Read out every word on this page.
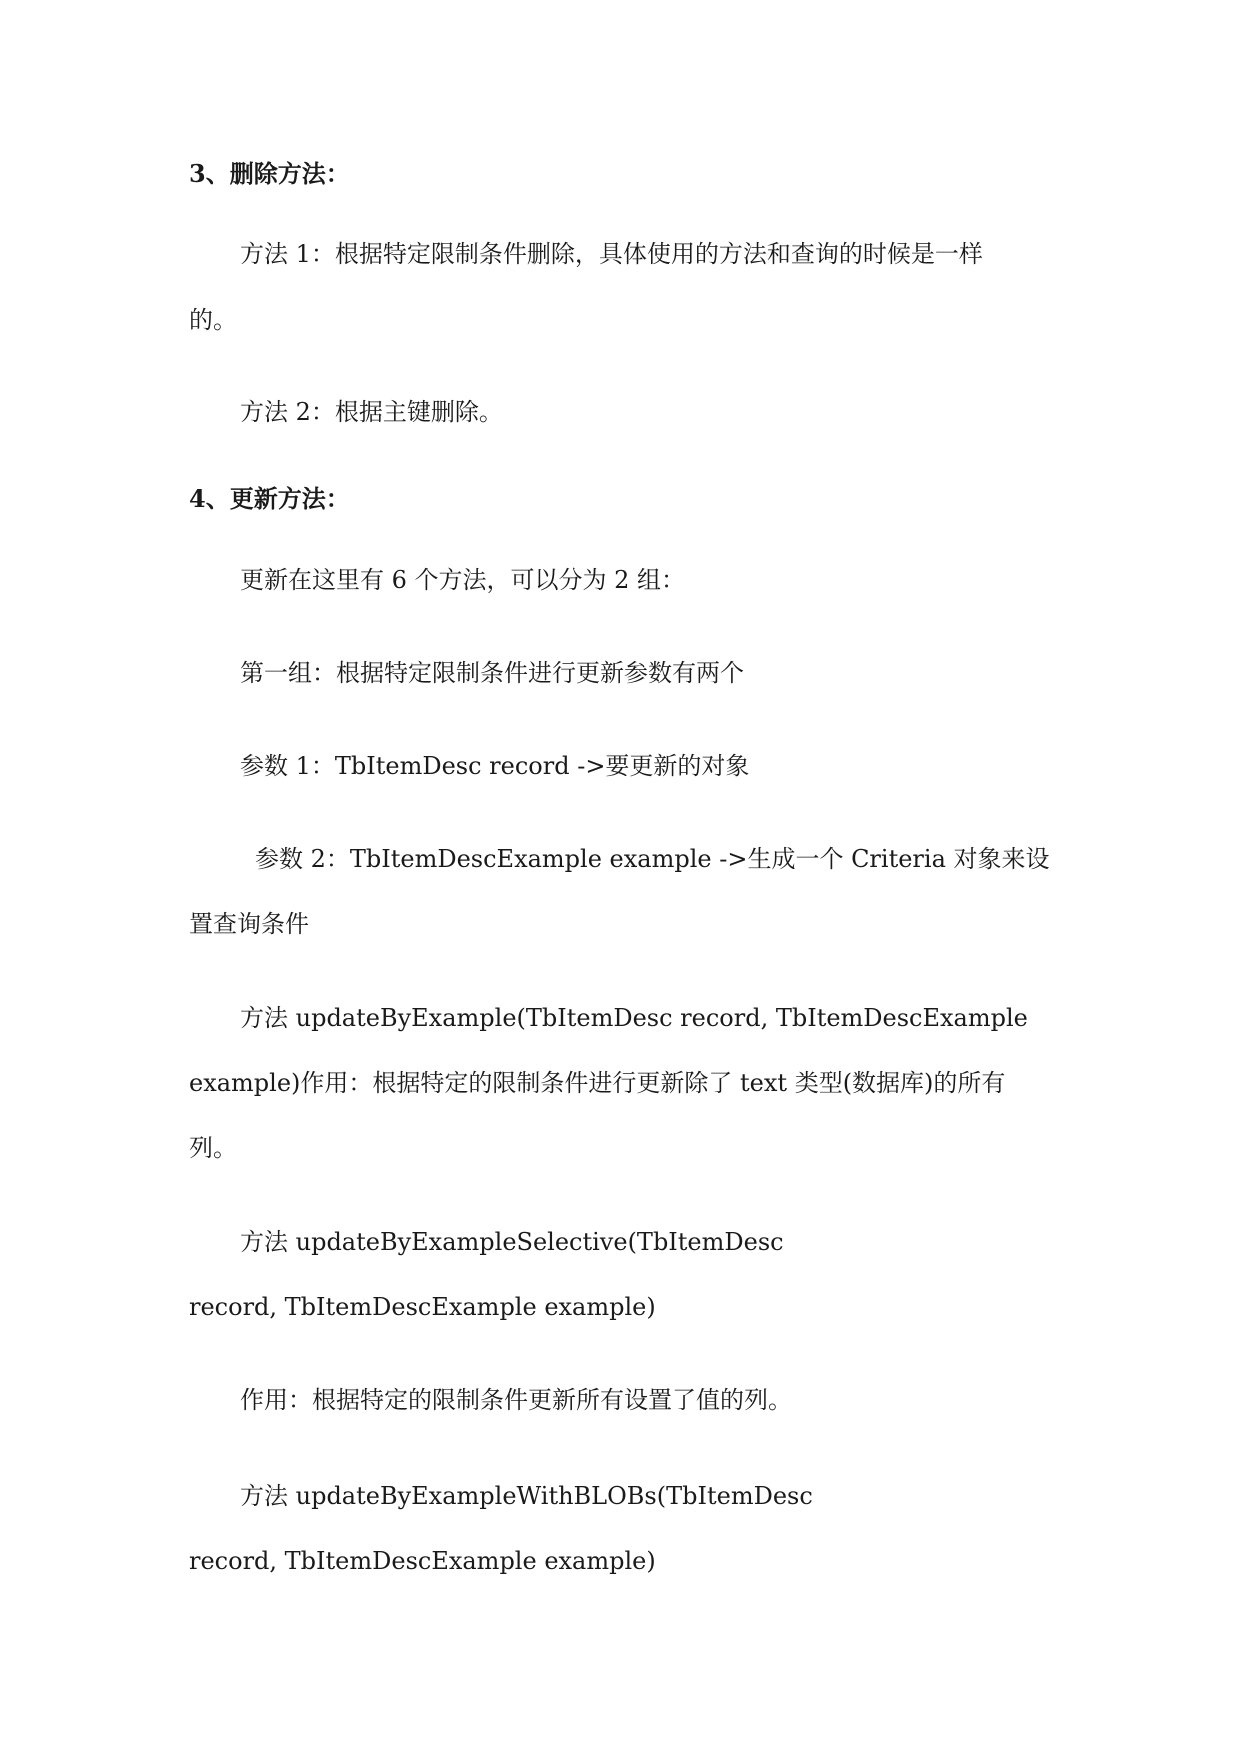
3、删除方法：
方法 1：根据特定限制条件删除，具体使用的方法和查询的时候是一样
的。
方法 2：根据主键删除。
4、更新方法：
更新在这里有 6 个方法，可以分为 2 组：
第一组：根据特定限制条件进行更新参数有两个
参数 1：TbItemDesc record ->要更新的对象
参数 2：TbItemDescExample example ->生成一个 Criteria 对象来设
置查询条件
方法 updateByExample(TbItemDesc record, TbItemDescExample
example)作用：根据特定的限制条件进行更新除了 text 类型(数据库)的所有
列。
方法 updateByExampleSelective(TbItemDesc
record, TbItemDescExample example)
作用：根据特定的限制条件更新所有设置了值的列。
方法 updateByExampleWithBLOBs(TbItemDesc
record, TbItemDescExample example)
